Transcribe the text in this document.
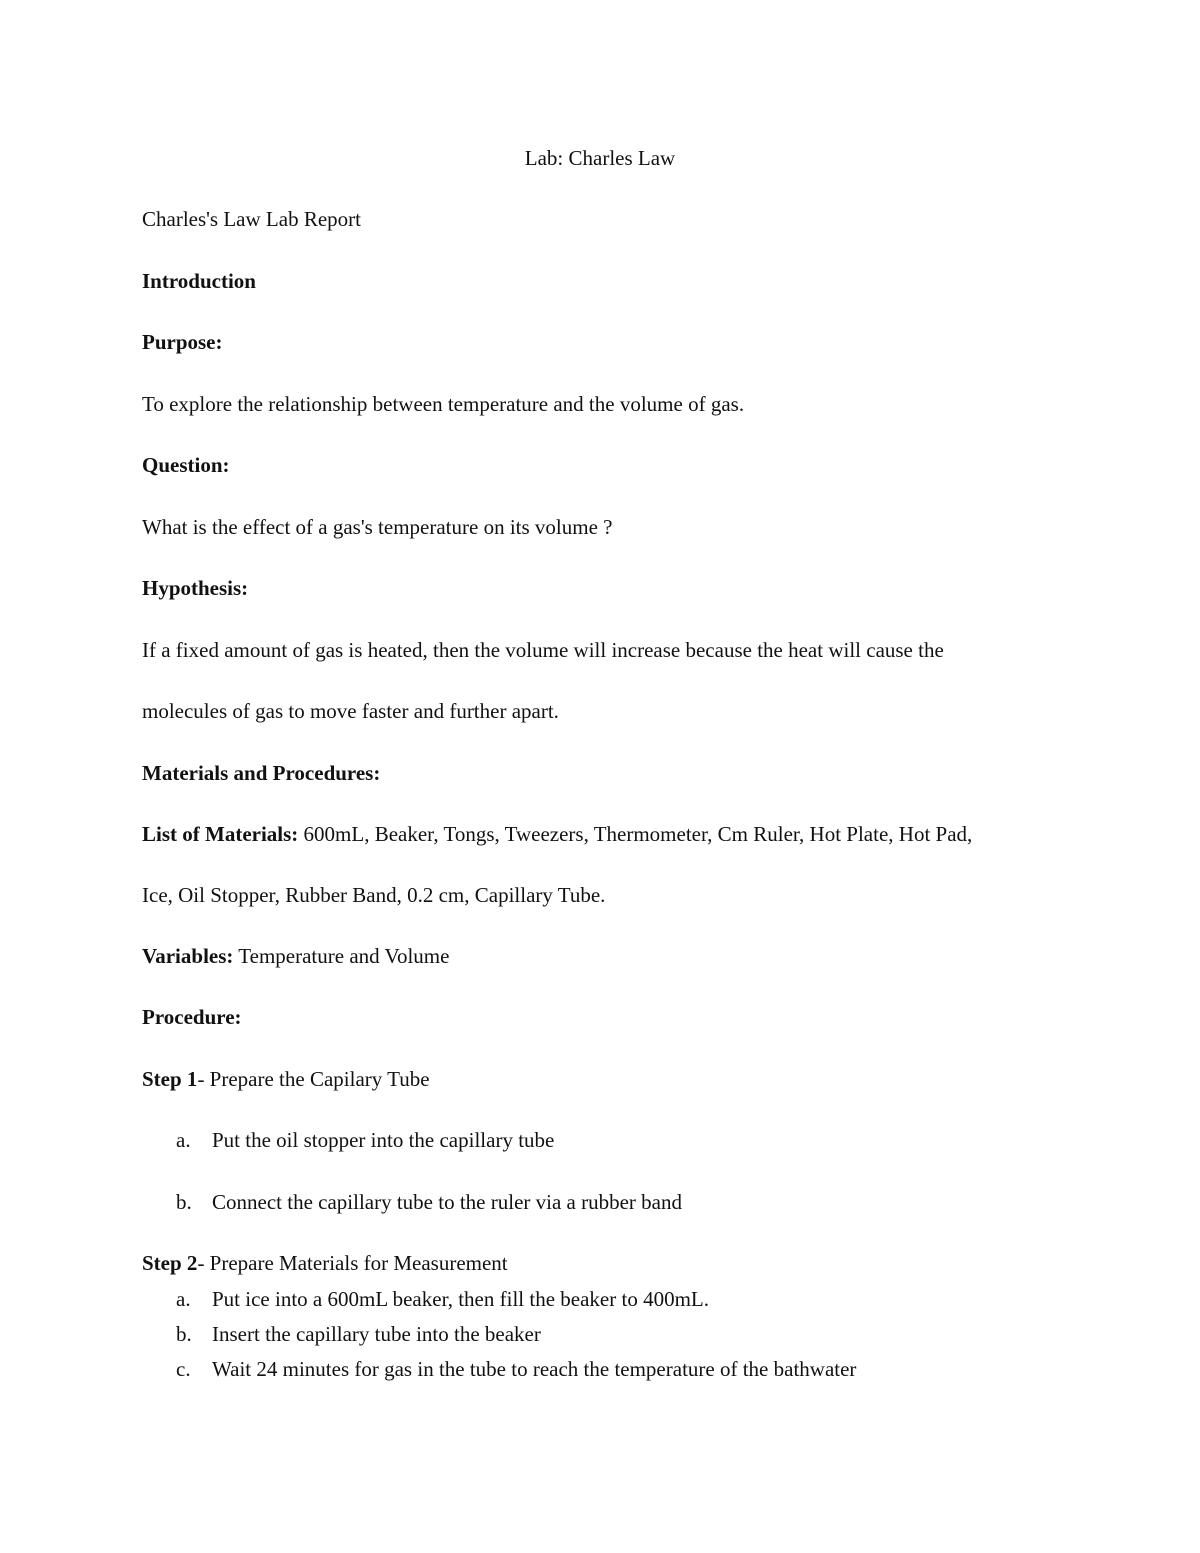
Lab: Charles Law
Charles's Law Lab Report
Introduction
Purpose:
To explore the relationship between temperature and the volume of gas.
Question:
What is the effect of a gas's temperature on its volume ?
Hypothesis:
If a fixed amount of gas is heated, then the volume will increase because the heat will cause the
molecules of gas to move faster and further apart.
Materials and Procedures:
List of Materials: 600mL, Beaker, Tongs, Tweezers, Thermometer, Cm Ruler, Hot Plate, Hot Pad,
Ice, Oil Stopper, Rubber Band, 0.2 cm, Capillary Tube.
Variables: Temperature and Volume
Procedure:
Step 1- Prepare the Capilary Tube
a. Put the oil stopper into the capillary tube
b. Connect the capillary tube to the ruler via a rubber band
Step 2- Prepare Materials for Measurement
a. Put ice into a 600mL beaker, then fill the beaker to 400mL.
b. Insert the capillary tube into the beaker
c. Wait 24 minutes for gas in the tube to reach the temperature of the bathwater
